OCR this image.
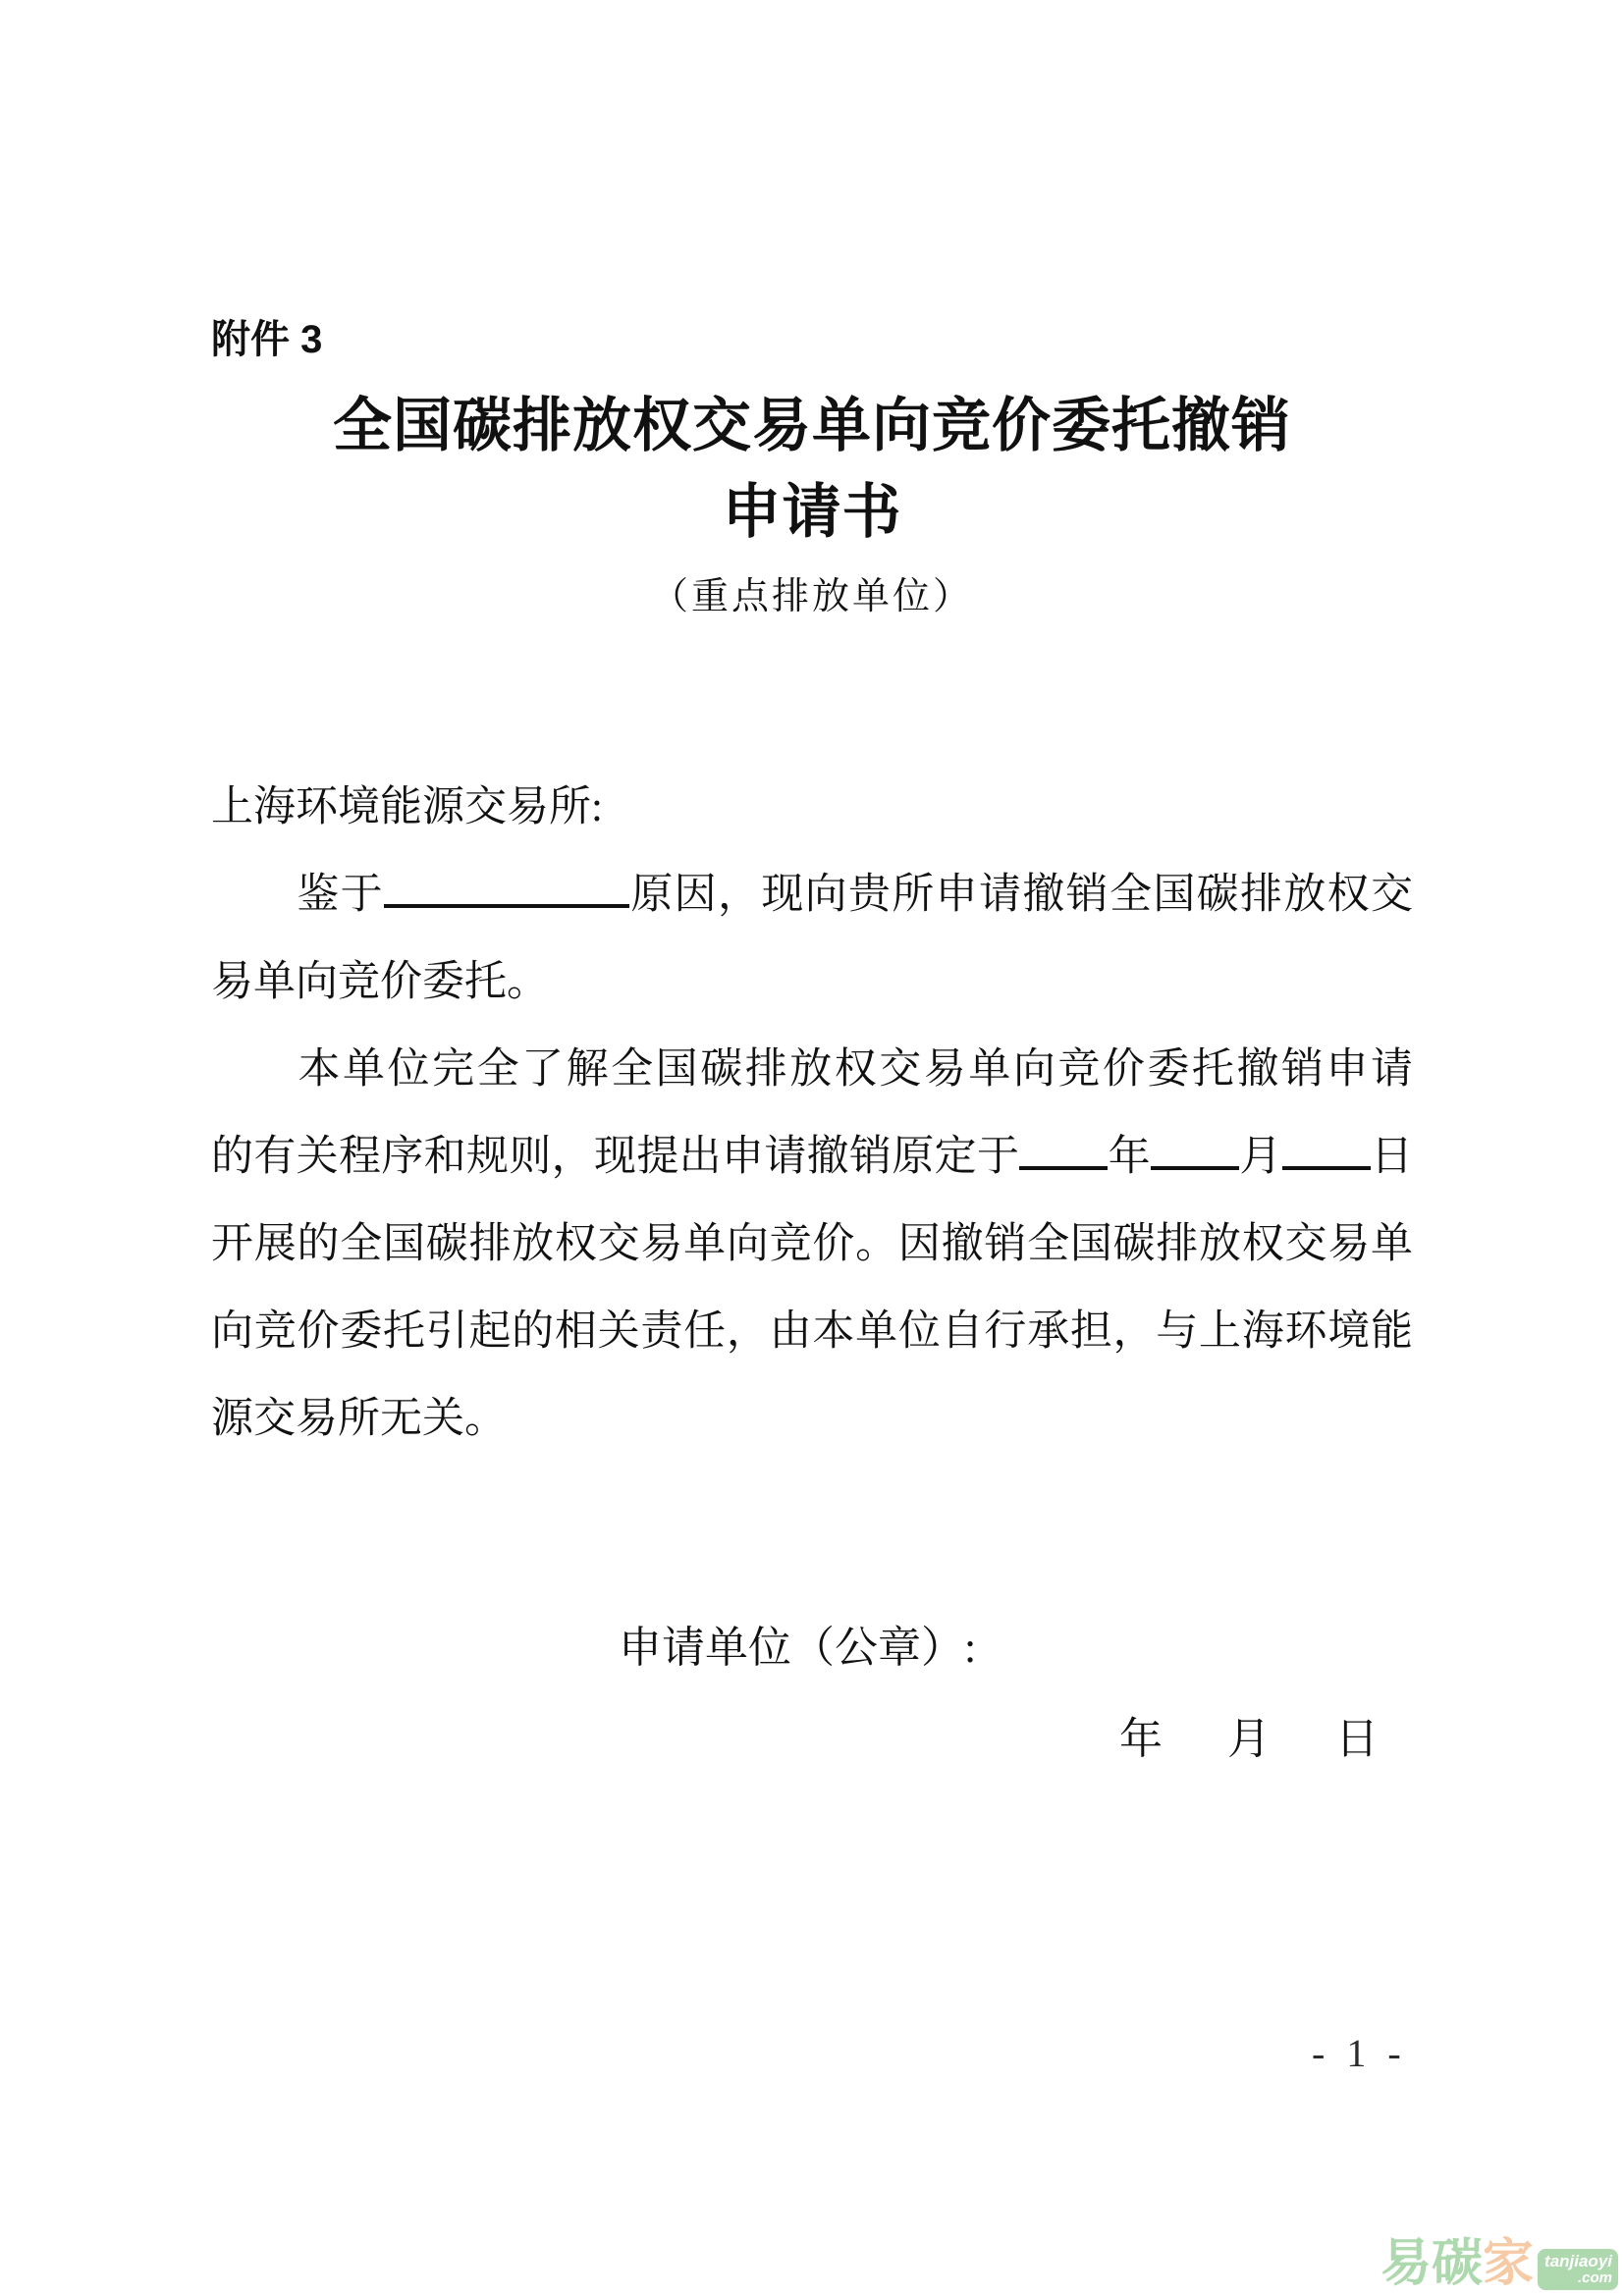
附件 3
全国碳排放权交易单向竞价委托撤销
申请书
（重点排放单位）
上海环境能源交易所:
鉴于	原因，现向贵所申请撤销全国碳排放权交
易单向竞价委托。
本单位完全了解全国碳排放权交易单向竞价委托撤销申请
的有关程序和规则，现提出申请撤销原定于 年 月 日
开展的全国碳排放权交易单向竞价。因撤销全国碳排放权交易单
向竞价委托引起的相关责任，由本单位自行承担，与上海环境能
源交易所无关。
申请单位（公章）:
年 月 日
- 1 -
易 碳 家 tanjiaoyi
.com
